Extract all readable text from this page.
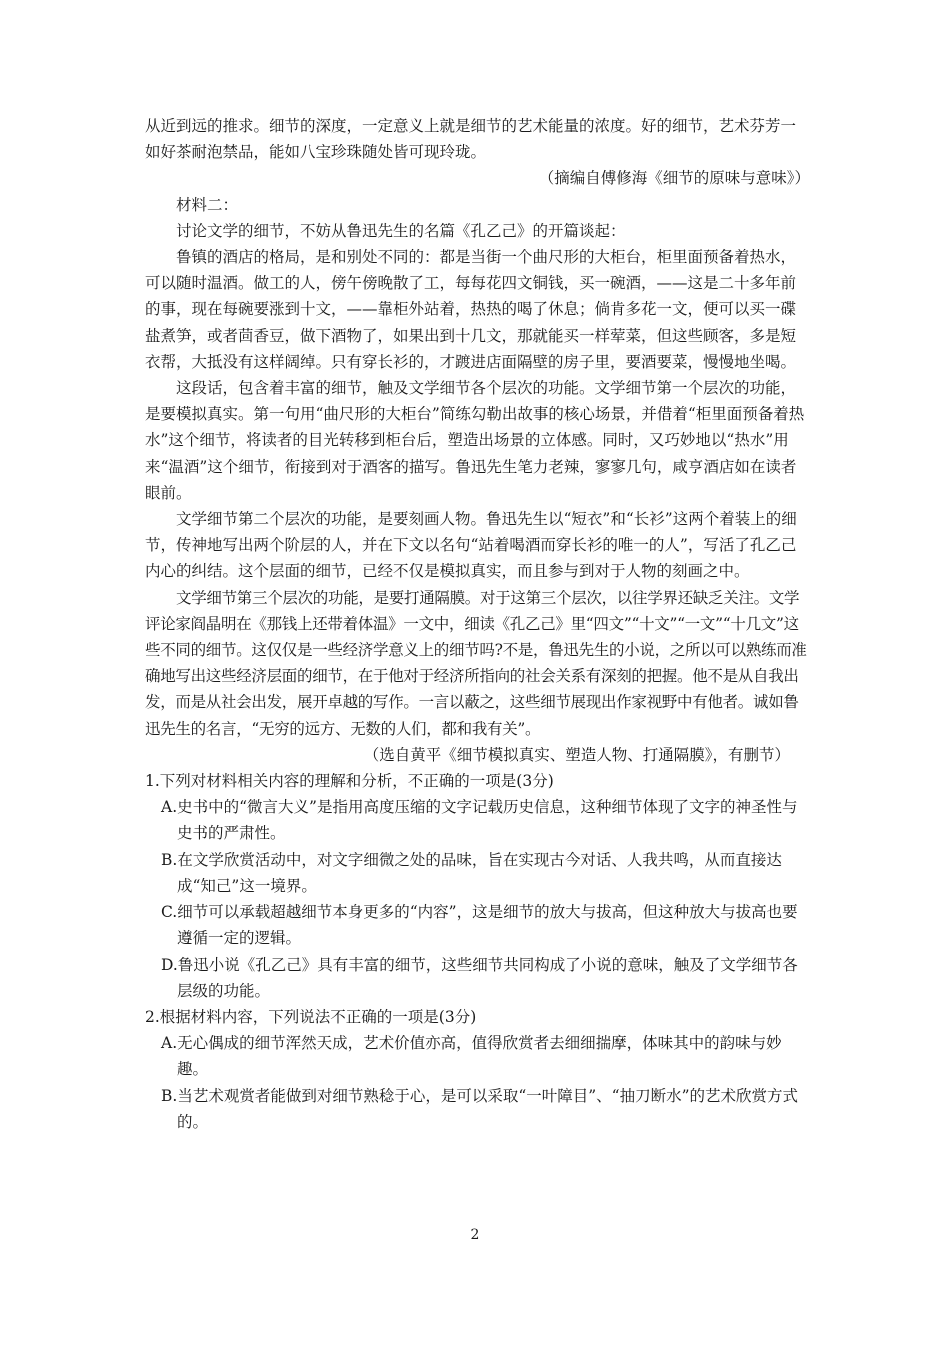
从近到远的推求。细节的深度，一定意义上就是细节的艺术能量的浓度。好的细节，艺术芬芳一如好茶耐泡禁品，能如八宝珍珠随处皆可现玲珑。

（摘编自傅修海《细节的原味与意味》）

材料二：

讨论文学的细节，不妨从鲁迅先生的名篇《孔乙己》的开篇谈起：

鲁镇的酒店的格局，是和别处不同的：都是当街一个曲尺形的大柜台，柜里面预备着热水，可以随时温酒。做工的人，傍午傍晚散了工，每每花四文铜钱，买一碗酒，——这是二十多年前的事，现在每碗要涨到十文，——靠柜外站着，热热的喝了休息；倘肯多花一文，便可以买一碟盐煮笋，或者茴香豆，做下酒物了，如果出到十几文，那就能买一样荤菜，但这些顾客，多是短衣帮，大抵没有这样阔绰。只有穿长衫的，才踱进店面隔壁的房子里，要酒要菜，慢慢地坐喝。

这段话，包含着丰富的细节，触及文学细节各个层次的功能。文学细节第一个层次的功能，是要模拟真实。第一句用“曲尺形的大柜台”简练勾勒出故事的核心场景，并借着“柜里面预备着热水”这个细节，将读者的目光转移到柜台后，塑造出场景的立体感。同时，又巧妙地以“热水”用来“温酒”这个细节，衔接到对于酒客的描写。鲁迅先生笔力老辣，寥寥几句，咸亨酒店如在读者眼前。

文学细节第二个层次的功能，是要刻画人物。鲁迅先生以“短衣”和“长衫”这两个着装上的细节，传神地写出两个阶层的人，并在下文以名句“站着喝酒而穿长衫的唯一的人”，写活了孔乙己内心的纠结。这个层面的细节，已经不仅是模拟真实，而且参与到对于人物的刻画之中。

文学细节第三个层次的功能，是要打通隔膜。对于这第三个层次，以往学界还缺乏关注。文学评论家阎晶明在《那钱上还带着体温》一文中，细读《孔乙己》里“四文”“十文”“一文”“十几文”这些不同的细节。这仅仅是一些经济学意义上的细节吗?不是，鲁迅先生的小说，之所以可以熟练而准确地写出这些经济层面的细节，在于他对于经济所指向的社会关系有深刻的把握。他不是从自我出发，而是从社会出发，展开卓越的写作。一言以蔽之，这些细节展现出作家视野中有他者。诚如鲁迅先生的名言，“无穷的远方、无数的人们，都和我有关”。

（选自黄平《细节模拟真实、塑造人物、打通隔膜》，有删节）

1.下列对材料相关内容的理解和分析，不正确的一项是(3分)

A.史书中的“微言大义”是指用高度压缩的文字记载历史信息，这种细节体现了文字的神圣性与史书的严肃性。

B.在文学欣赏活动中，对文字细微之处的品味，旨在实现古今对话、人我共鸣，从而直接达成“知己”这一境界。

C.细节可以承载超越细节本身更多的“内容”，这是细节的放大与拔高，但这种放大与拔高也要遵循一定的逻辑。

D.鲁迅小说《孔乙己》具有丰富的细节，这些细节共同构成了小说的意味，触及了文学细节各层级的功能。

2.根据材料内容，下列说法不正确的一项是(3分)

A.无心偶成的细节浑然天成，艺术价值亦高，值得欣赏者去细细揣摩，体味其中的韵味与妙趣。

B.当艺术观赏者能做到对细节熟稔于心，是可以采取“一叶障目”、“抽刀断水”的艺术欣赏方式的。

2
